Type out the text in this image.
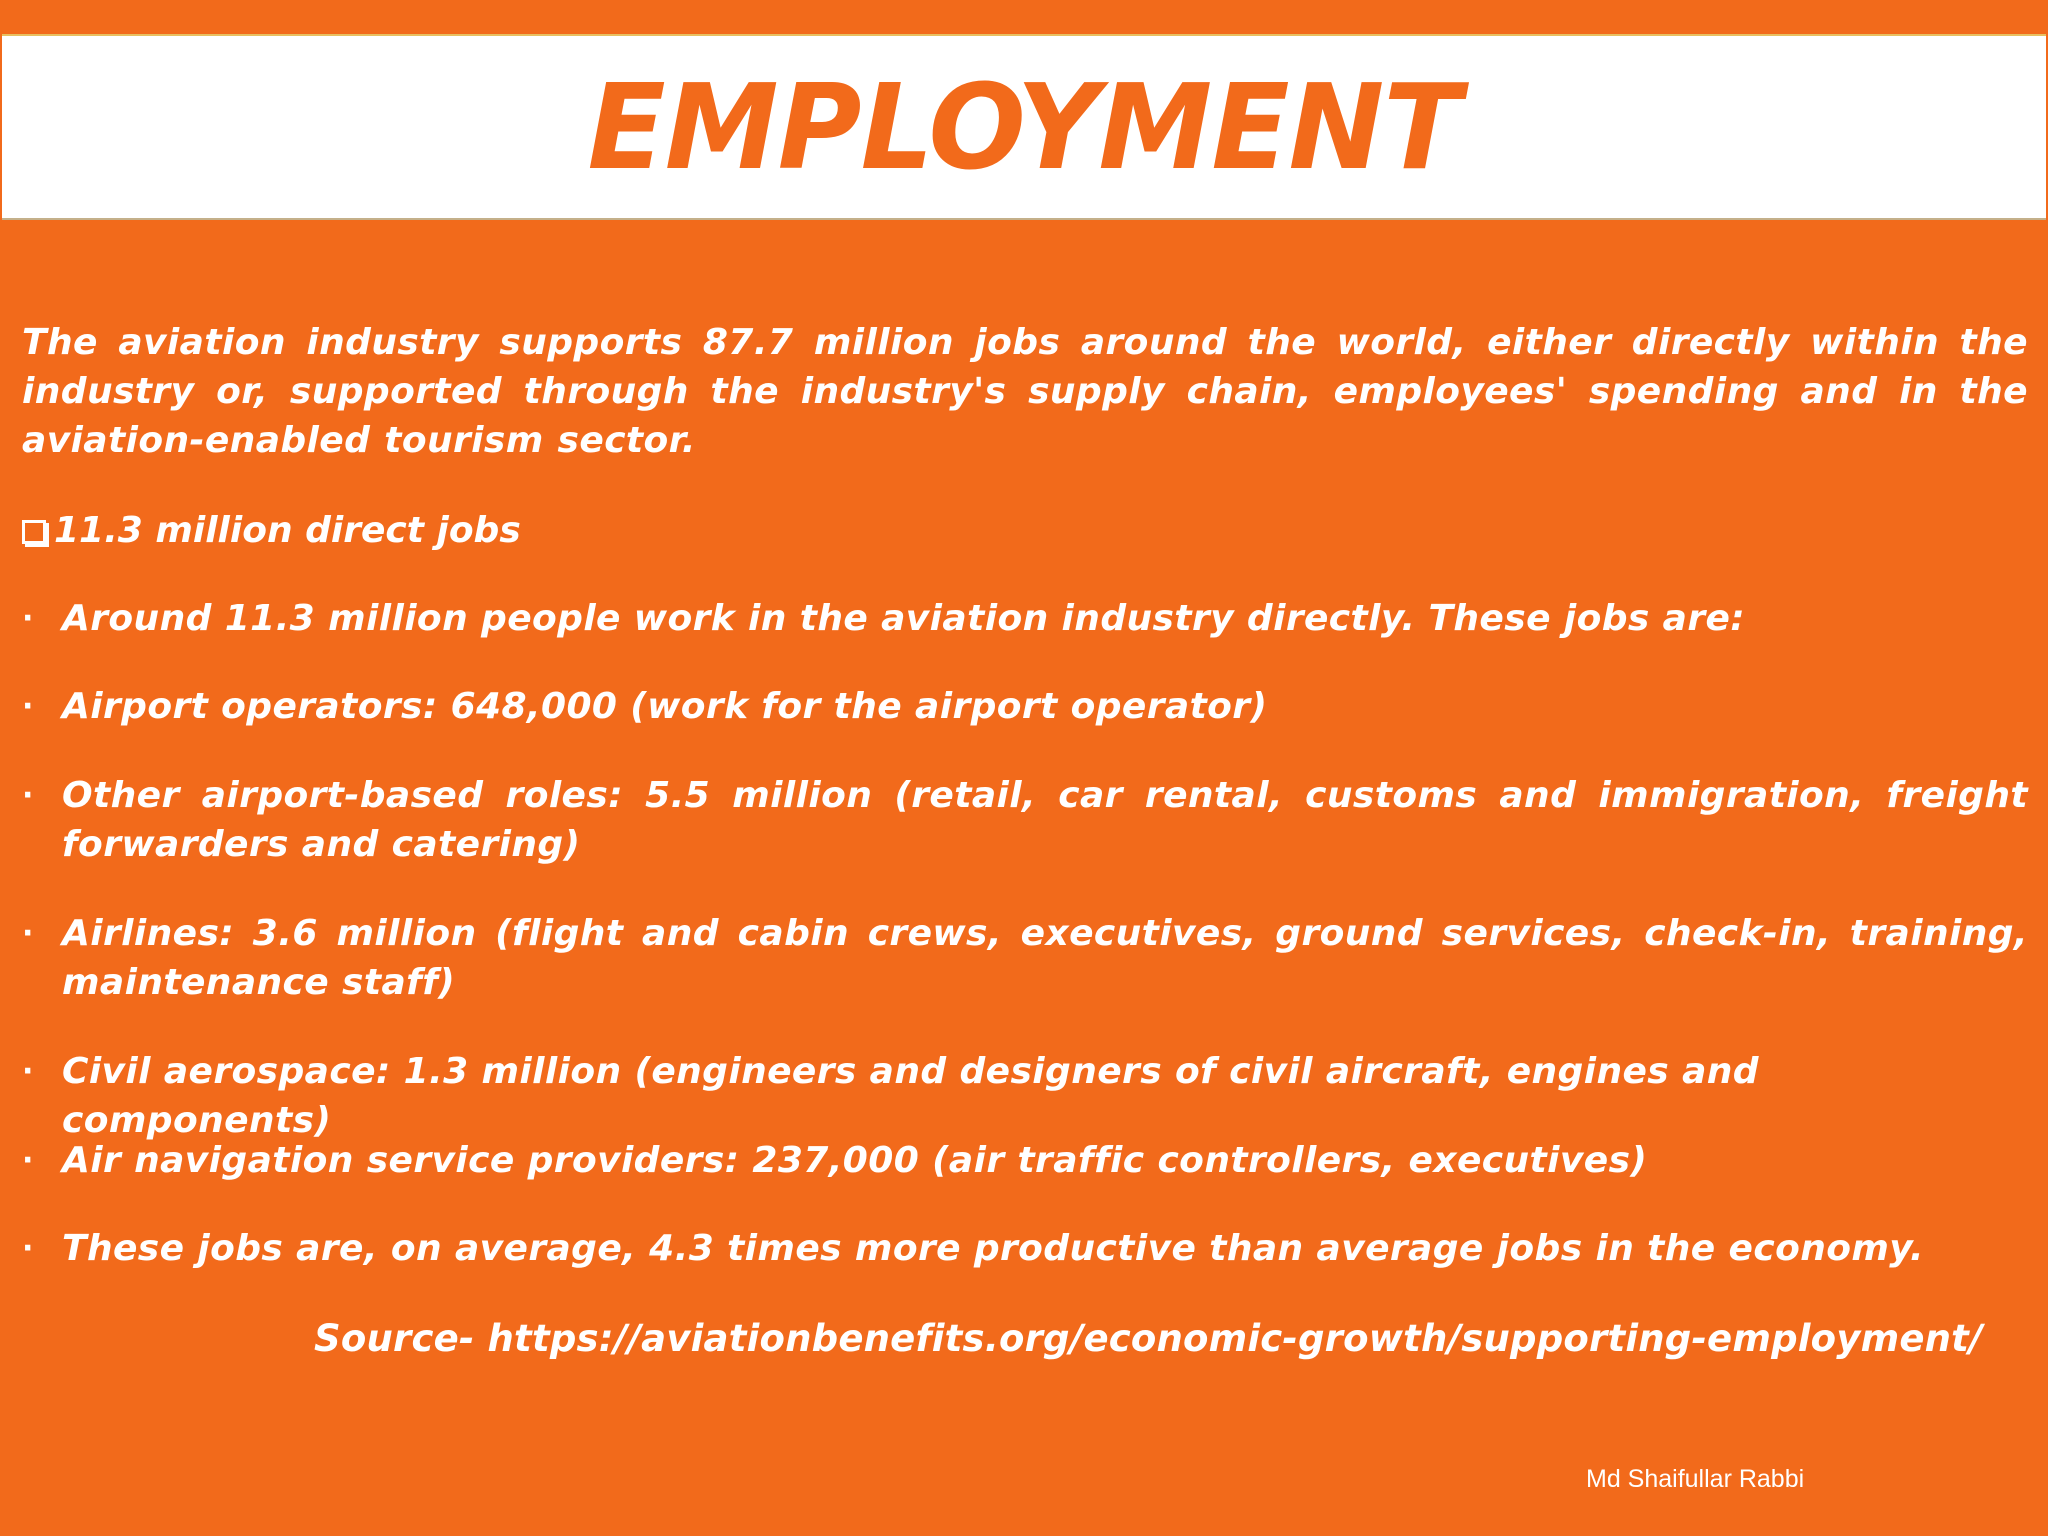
EMPLOYMENT

The aviation industry supports 87.7 million jobs around the world, either directly within the industry or, supported through the industry's supply chain, employees' spending and in the aviation-enabled tourism sector.

11.3 million direct jobs
· Around 11.3 million people work in the aviation industry directly. These jobs are:
· Airport operators: 648,000 (work for the airport operator)
· Other airport-based roles: 5.5 million (retail, car rental, customs and immigration, freight forwarders and catering)
· Airlines: 3.6 million (flight and cabin crews, executives, ground services, check-in, training, maintenance staff)
· Civil aerospace: 1.3 million (engineers and designers of civil aircraft, engines and components)
· Air navigation service providers: 237,000 (air traffic controllers, executives)
· These jobs are, on average, 4.3 times more productive than average jobs in the economy.
Source- https://aviationbenefits.org/economic-growth/supporting-employment/
Md Shaifullar Rabbi
